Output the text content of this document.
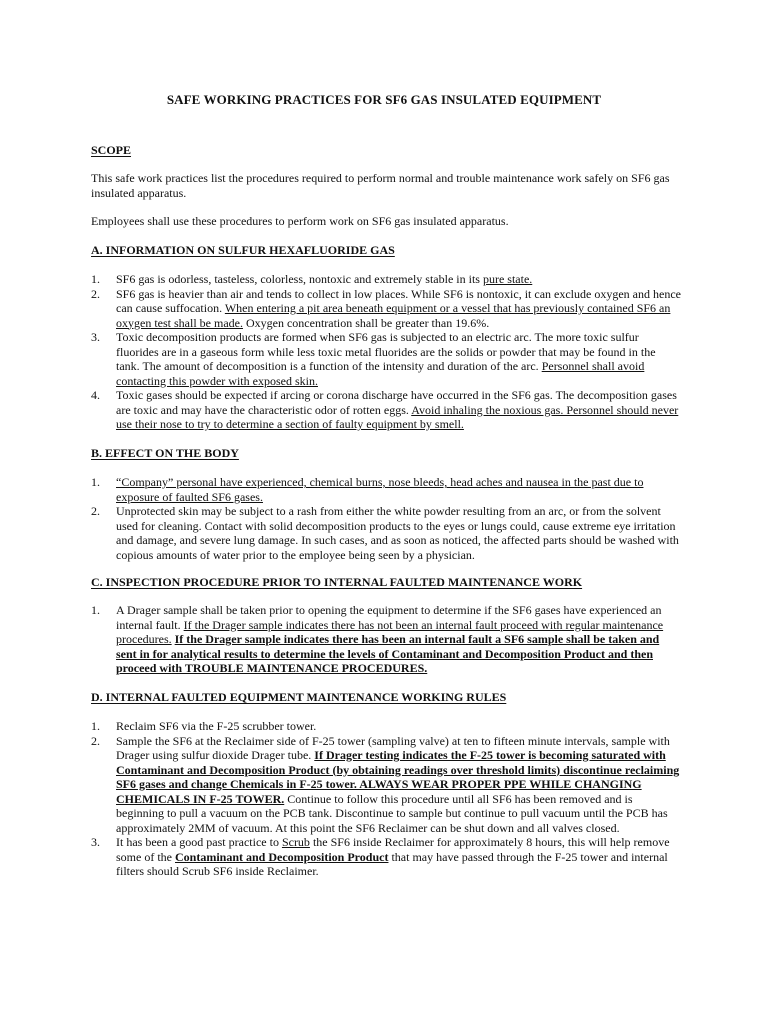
SAFE WORKING PRACTICES FOR SF6 GAS INSULATED EQUIPMENT
SCOPE
This safe work practices list the procedures required to perform normal and trouble maintenance work safely on SF6 gas insulated apparatus.
Employees shall use these procedures to perform work on SF6 gas insulated apparatus.
A. INFORMATION ON SULFUR HEXAFLUORIDE GAS
1. SF6 gas is odorless, tasteless, colorless, nontoxic and extremely stable in its pure state.
2. SF6 gas is heavier than air and tends to collect in low places. While SF6 is nontoxic, it can exclude oxygen and hence can cause suffocation. When entering a pit area beneath equipment or a vessel that has previously contained SF6 an oxygen test shall be made. Oxygen concentration shall be greater than 19.6%.
3. Toxic decomposition products are formed when SF6 gas is subjected to an electric arc. The more toxic sulfur fluorides are in a gaseous form while less toxic metal fluorides are the solids or powder that may be found in the tank. The amount of decomposition is a function of the intensity and duration of the arc. Personnel shall avoid contacting this powder with exposed skin.
4. Toxic gases should be expected if arcing or corona discharge have occurred in the SF6 gas. The decomposition gases are toxic and may have the characteristic odor of rotten eggs. Avoid inhaling the noxious gas. Personnel should never use their nose to try to determine a section of faulty equipment by smell.
B. EFFECT ON THE BODY
1. “Company” personal have experienced, chemical burns, nose bleeds, head aches and nausea in the past due to exposure of faulted SF6 gases.
2. Unprotected skin may be subject to a rash from either the white powder resulting from an arc, or from the solvent used for cleaning. Contact with solid decomposition products to the eyes or lungs could, cause extreme eye irritation and damage, and severe lung damage. In such cases, and as soon as noticed, the affected parts should be washed with copious amounts of water prior to the employee being seen by a physician.
C. INSPECTION PROCEDURE PRIOR TO INTERNAL FAULTED MAINTENANCE WORK
1. A Drager sample shall be taken prior to opening the equipment to determine if the SF6 gases have experienced an internal fault. If the Drager sample indicates there has not been an internal fault proceed with regular maintenance procedures. If the Drager sample indicates there has been an internal fault a SF6 sample shall be taken and sent in for analytical results to determine the levels of Contaminant and Decomposition Product and then proceed with TROUBLE MAINTENANCE PROCEDURES.
D. INTERNAL FAULTED EQUIPMENT MAINTENANCE WORKING RULES
1. Reclaim SF6 via the F-25 scrubber tower.
2. Sample the SF6 at the Reclaimer side of F-25 tower (sampling valve) at ten to fifteen minute intervals, sample with Drager using sulfur dioxide Drager tube. If Drager testing indicates the F-25 tower is becoming saturated with Contaminant and Decomposition Product (by obtaining readings over threshold limits) discontinue reclaiming SF6 gases and change Chemicals in F-25 tower. ALWAYS WEAR PROPER PPE WHILE CHANGING CHEMICALS IN F-25 TOWER. Continue to follow this procedure until all SF6 has been removed and is beginning to pull a vacuum on the PCB tank. Discontinue to sample but continue to pull vacuum until the PCB has approximately 2MM of vacuum. At this point the SF6 Reclaimer can be shut down and all valves closed.
3. It has been a good past practice to Scrub the SF6 inside Reclaimer for approximately 8 hours, this will help remove some of the Contaminant and Decomposition Product that may have passed through the F-25 tower and internal filters should Scrub SF6 inside Reclaimer.
